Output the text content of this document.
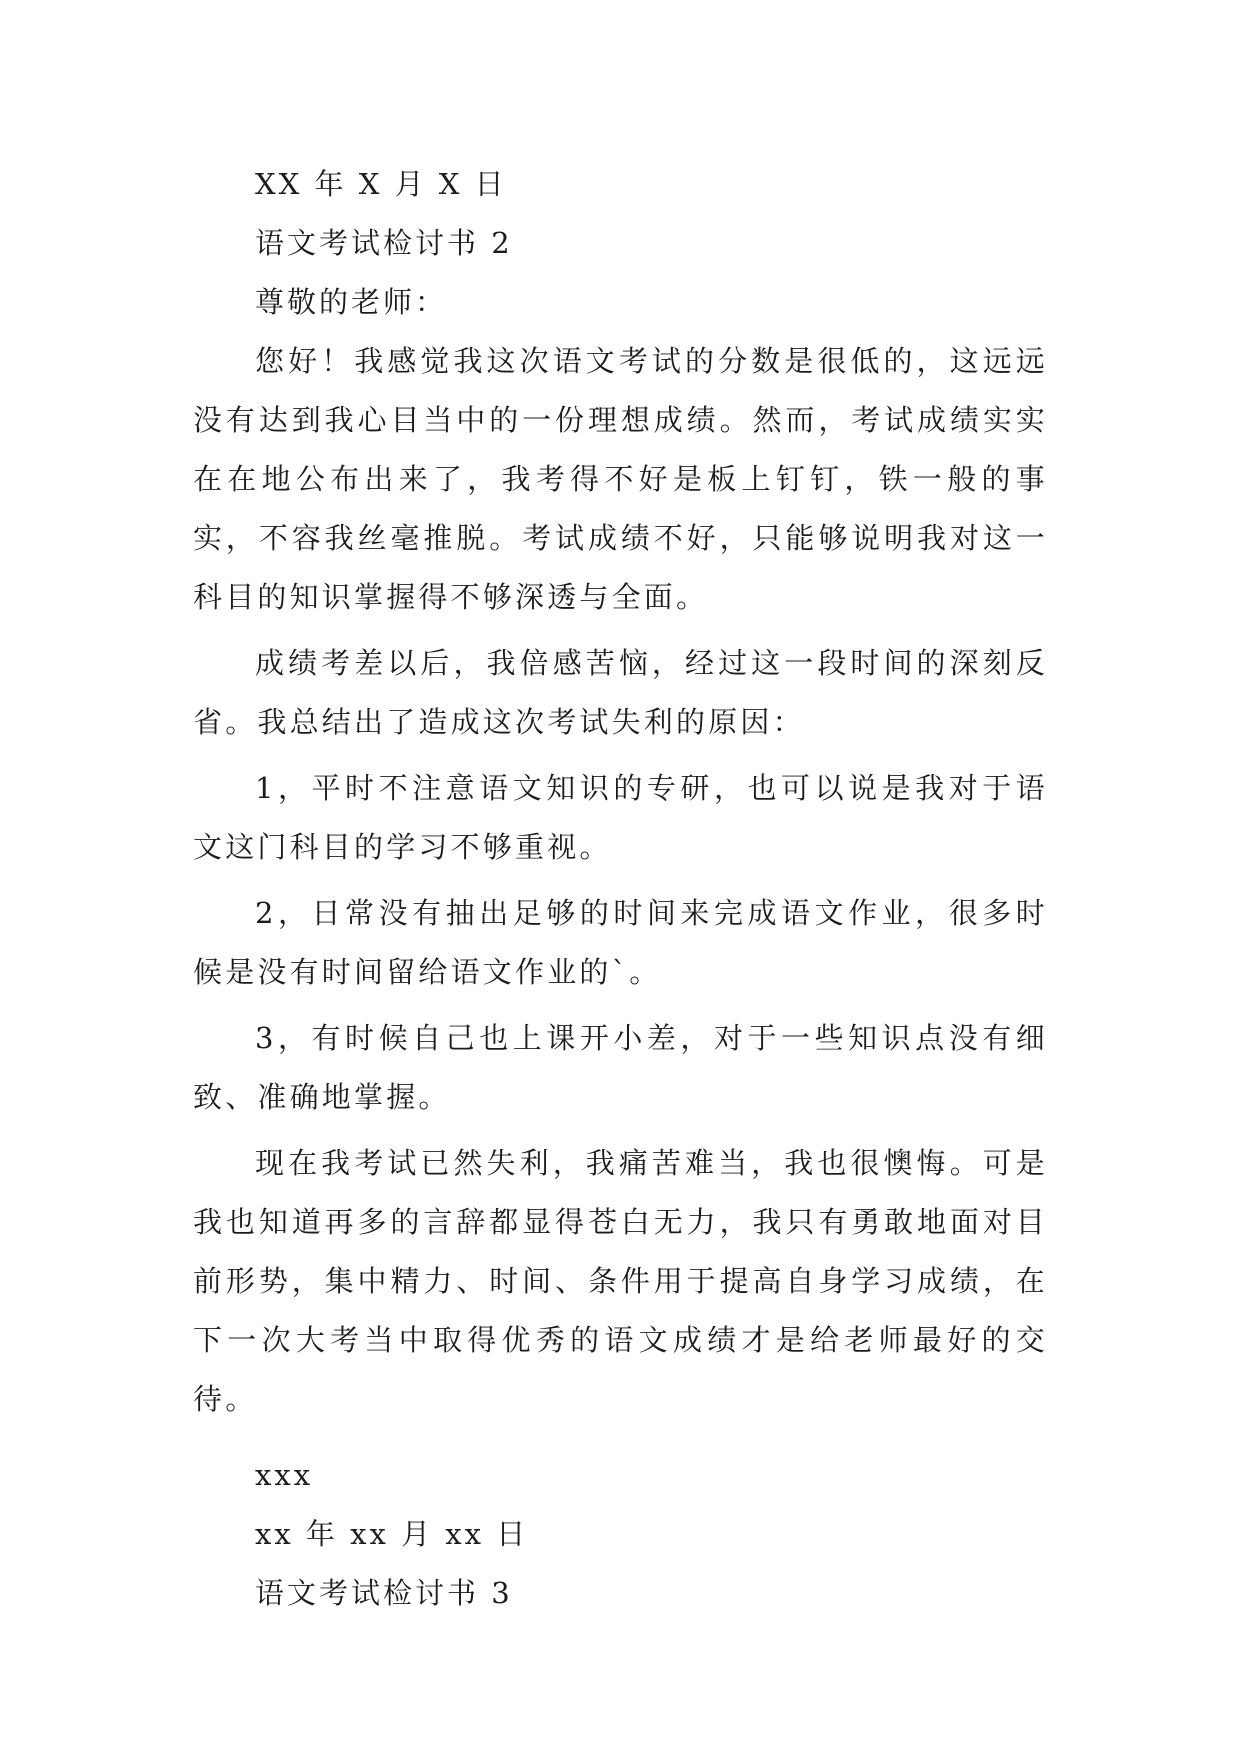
XX 年 X 月 X 日

语文考试检讨书 2

尊敬的老师：

您好！我感觉我这次语文考试的分数是很低的，这远远没有达到我心目当中的一份理想成绩。然而，考试成绩实实在在地公布出来了，我考得不好是板上钉钉，铁一般的事实，不容我丝毫推脱。考试成绩不好，只能够说明我对这一科目的知识掌握得不够深透与全面。

成绩考差以后，我倍感苦恼，经过这一段时间的深刻反省。我总结出了造成这次考试失利的原因：

1，平时不注意语文知识的专研，也可以说是我对于语文这门科目的学习不够重视。

2，日常没有抽出足够的时间来完成语文作业，很多时候是没有时间留给语文作业的`。

3，有时候自己也上课开小差，对于一些知识点没有细致、准确地掌握。

现在我考试已然失利，我痛苦难当，我也很懊悔。可是我也知道再多的言辞都显得苍白无力，我只有勇敢地面对目前形势，集中精力、时间、条件用于提高自身学习成绩，在下一次大考当中取得优秀的语文成绩才是给老师最好的交待。

xxx

xx 年 xx 月 xx 日

语文考试检讨书 3
